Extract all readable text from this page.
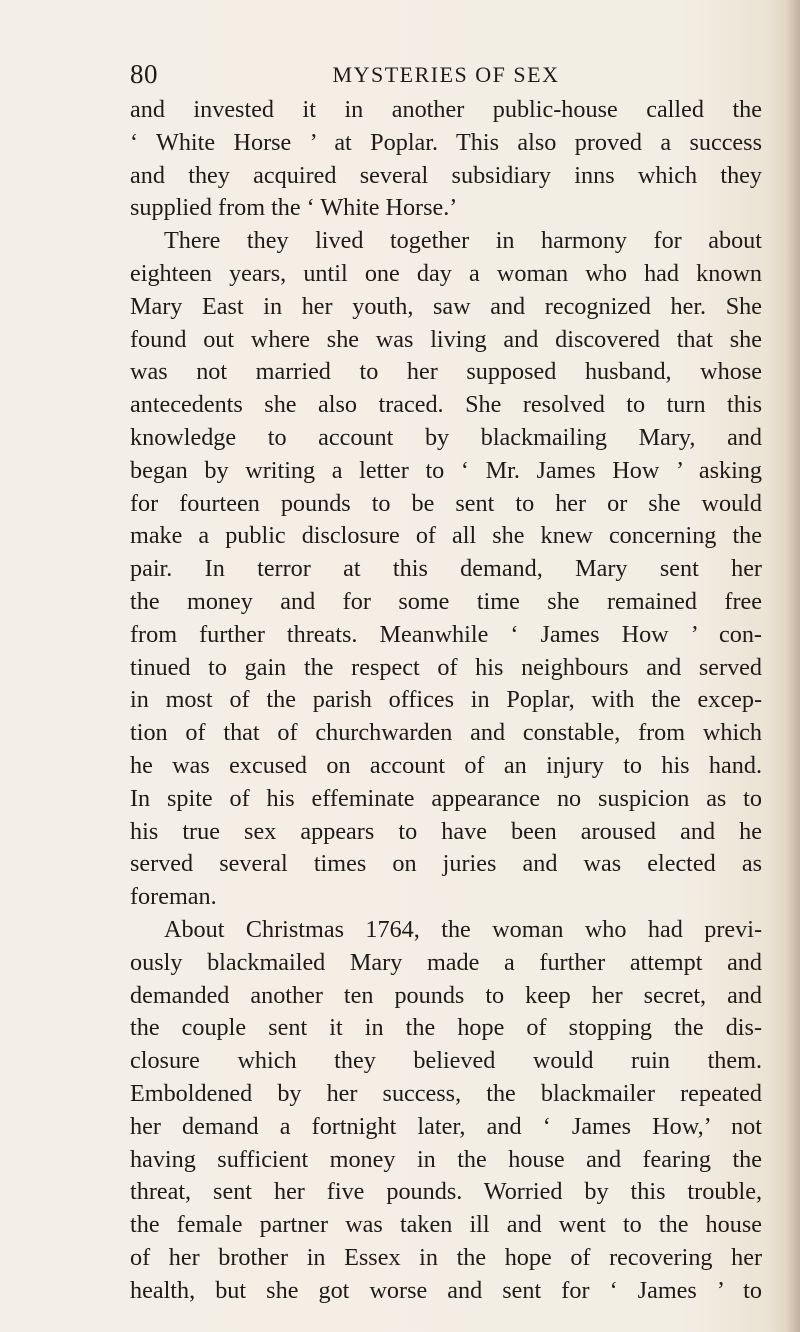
80	MYSTERIES OF SEX
and invested it in another public-house called the
‘ White Horse ’ at Poplar. This also proved a success
and they acquired several subsidiary inns which they
supplied from the ‘ White Horse.’
There they lived together in harmony for about
eighteen years, until one day a woman who had known
Mary East in her youth, saw and recognized her. She
found out where she was living and discovered that she
was not married to her supposed husband, whose
antecedents she also traced. She resolved to turn this
knowledge to account by blackmailing Mary, and
began by writing a letter to ‘ Mr. James How ’ asking
for fourteen pounds to be sent to her or she would
make a public disclosure of all she knew concerning the
pair. In terror at this demand, Mary sent her
the money and for some time she remained free
from further threats. Meanwhile ‘ James How ’ con-
tinued to gain the respect of his neighbours and served
in most of the parish offices in Poplar, with the excep-
tion of that of churchwarden and constable, from which
he was excused on account of an injury to his hand.
In spite of his effeminate appearance no suspicion as to
his true sex appears to have been aroused and he
served several times on juries and was elected as
foreman.
About Christmas 1764, the woman who had previ-
ously blackmailed Mary made a further attempt and
demanded another ten pounds to keep her secret, and
the couple sent it in the hope of stopping the dis-
closure which they believed would ruin them.
Emboldened by her success, the blackmailer repeated
her demand a fortnight later, and ‘ James How,’ not
having sufficient money in the house and fearing the
threat, sent her five pounds. Worried by this trouble,
the female partner was taken ill and went to the house
of her brother in Essex in the hope of recovering her
health, but she got worse and sent for ‘ James ’ to
